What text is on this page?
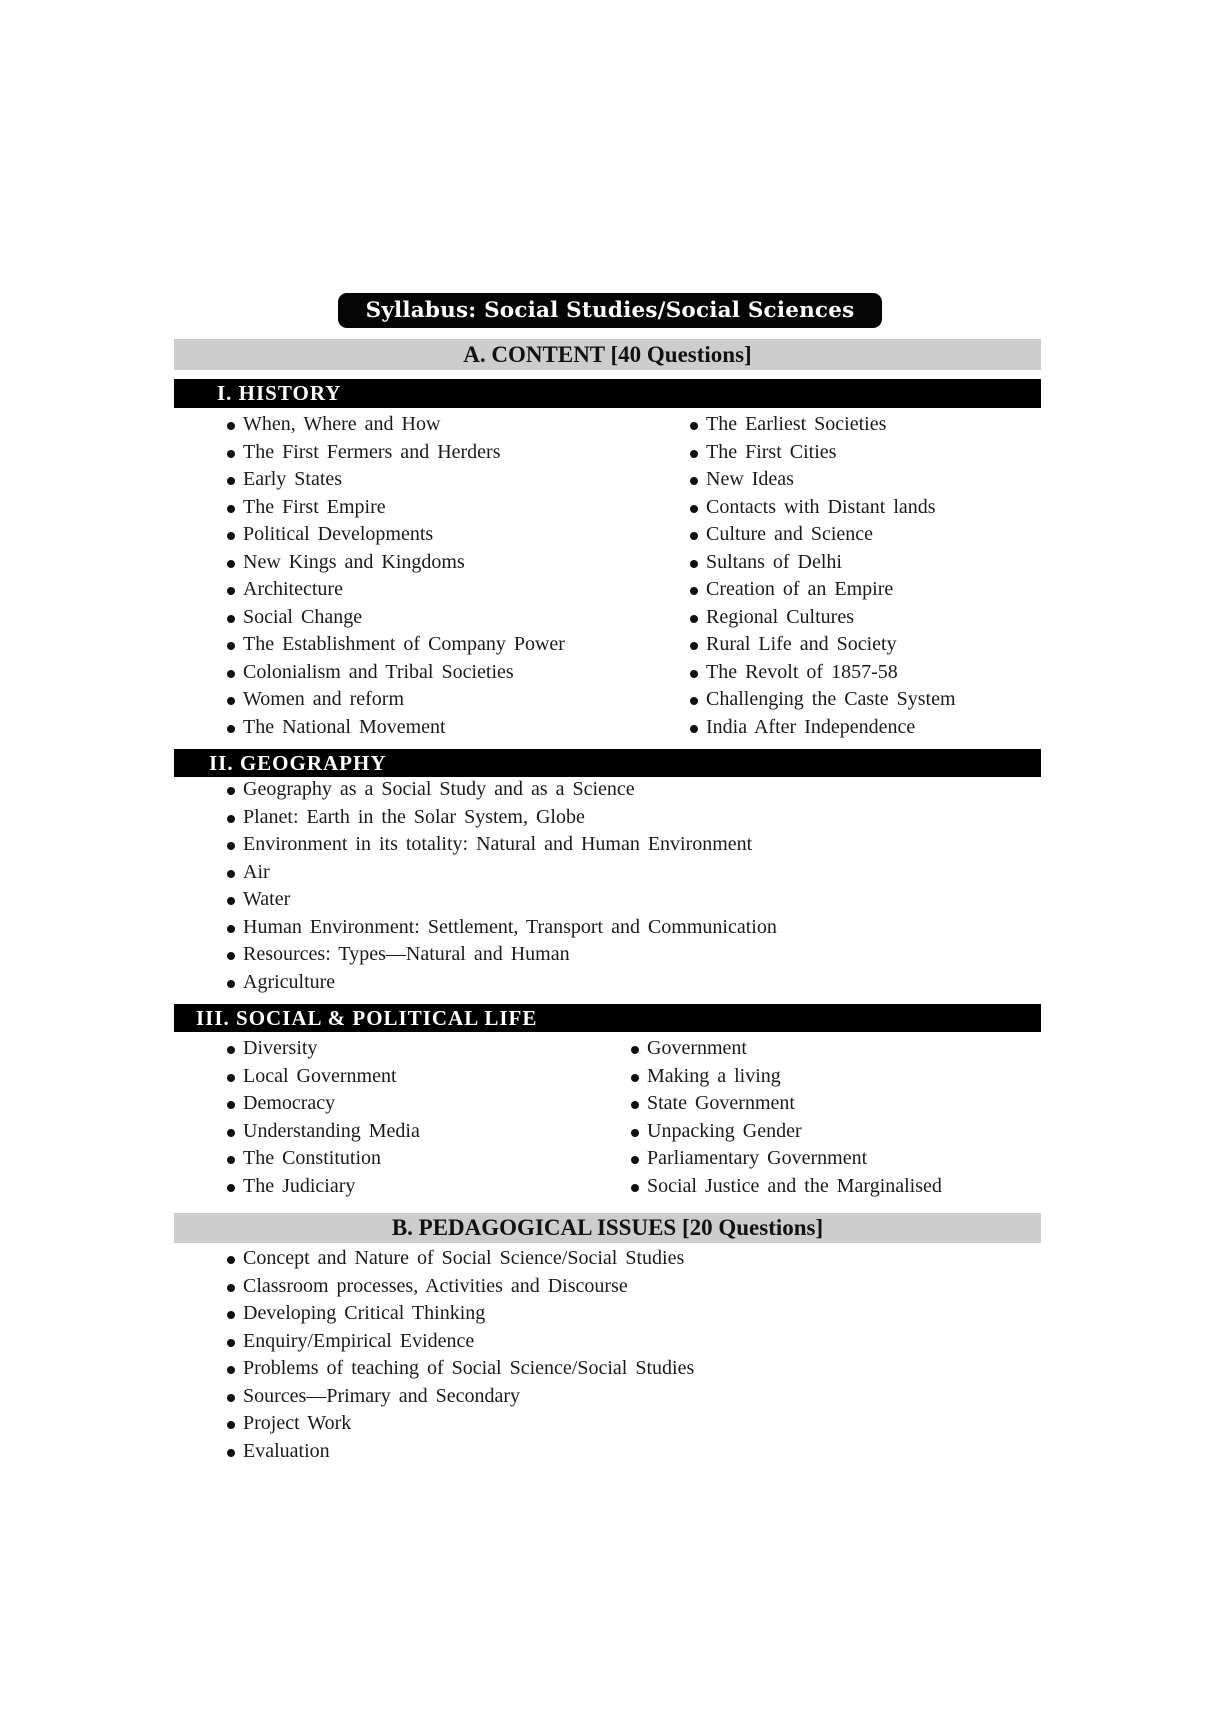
Syllabus: Social Studies/Social Sciences
A. CONTENT [40 Questions]
I. HISTORY
When, Where and How
The First Fermers and Herders
Early States
The First Empire
Political Developments
New Kings and Kingdoms
Architecture
Social Change
The Establishment of Company Power
Colonialism and Tribal Societies
Women and reform
The National Movement
The Earliest Societies
The First Cities
New Ideas
Contacts with Distant lands
Culture and Science
Sultans of Delhi
Creation of an Empire
Regional Cultures
Rural Life and Society
The Revolt of 1857-58
Challenging the Caste System
India After Independence
II. GEOGRAPHY
Geography as a Social Study and as a Science
Planet: Earth in the Solar System, Globe
Environment in its totality: Natural and Human Environment
Air
Water
Human Environment: Settlement, Transport and Communication
Resources: Types—Natural and Human
Agriculture
III. SOCIAL & POLITICAL LIFE
Diversity
Local Government
Democracy
Understanding Media
The Constitution
The Judiciary
Government
Making a living
State Government
Unpacking Gender
Parliamentary Government
Social Justice and the Marginalised
B. PEDAGOGICAL ISSUES [20 Questions]
Concept and Nature of Social Science/Social Studies
Classroom processes, Activities and Discourse
Developing Critical Thinking
Enquiry/Empirical Evidence
Problems of teaching of Social Science/Social Studies
Sources—Primary and Secondary
Project Work
Evaluation
